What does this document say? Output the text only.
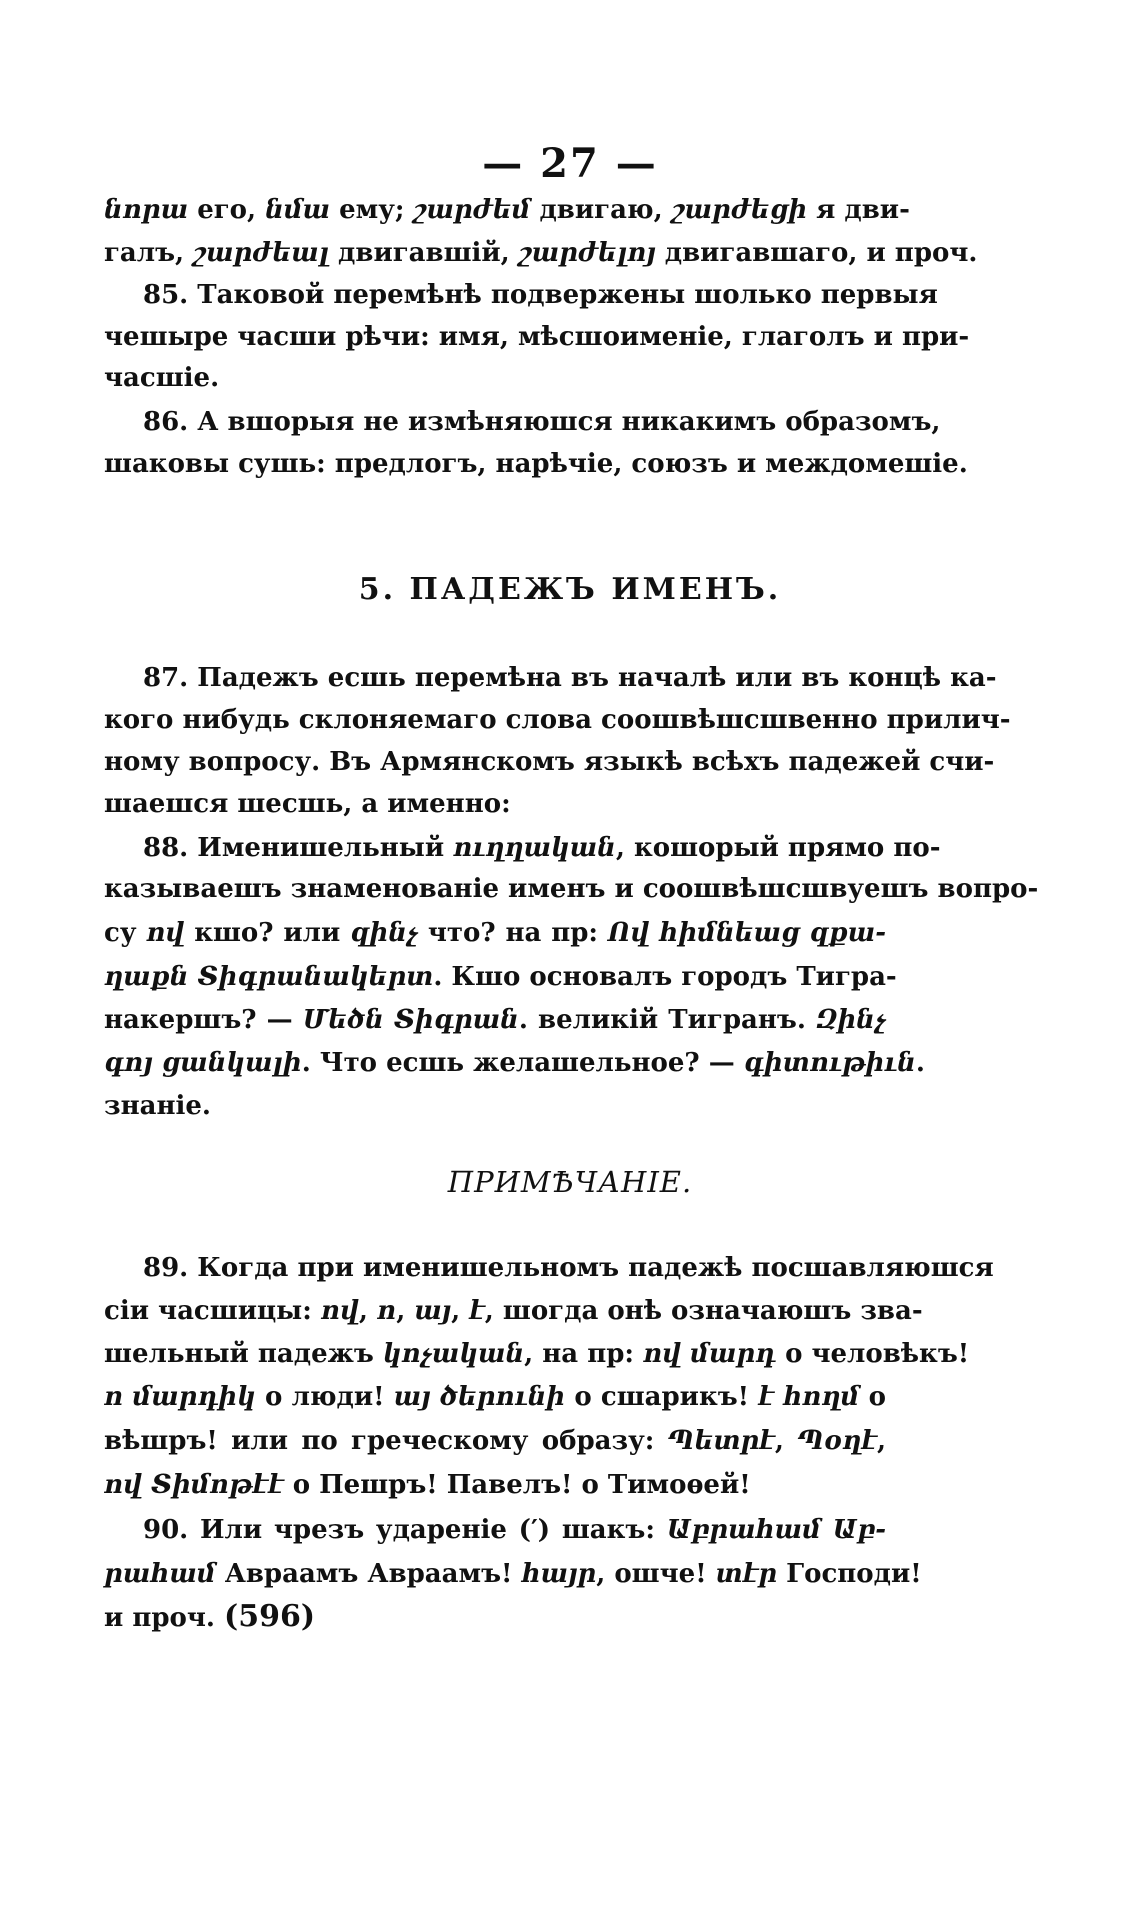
— 27 —
նորա его, նմա ему; շարժեմ двигаю, շարժեցի я дви-
галъ, շարժեալ двигавшій, շարժելոյ двигавшаго, и проч.
85. Таковой перемѣнѣ подвержены шолько первыя
чешыре часши рѣчи: имя, мѣсшоименіе, глаголъ и при-
часшіе.
86. А вшорыя не измѣняюшся никакимъ образомъ,
шаковы сушь: предлогъ, нарѣчіе, союзъ и междомешіе.
5. ПАДЕЖЪ ИМЕНЪ.
87. Падежъ есшь перемѣна въ началѣ или въ концѣ ка-
кого нибудь склоняемаго слова соошвѣшсшвенно прилич-
ному вопросу. Въ Армянскомъ языкѣ всѣхъ падежей счи-
шаешся шесшь, а именно:
88. Именишельный ուղղական, кошорый прямо по-
казываешъ знаменованіе именъ и соошвѣшсшвуешъ вопро-
су ով кшо? или զինչ что? на пр: Ով հիմնեաց զքա-
ղաքն Տիգրանակերտ. Кшо основалъ городъ Тигра-
накершъ? — Մեծն Տիգրան. великій Тигранъ. Զինչ
գոյ ցանկալի. Что есшь желашельное? — գիտութիւն.
знаніе.
ПРИМѢЧАНІЕ.
89. Когда при именишельномъ падежѣ посшавляюшся
сіи часшицы: ով, ո, այ, է, шогда онѣ означаюшъ зва-
шельный падежъ կոչական, на пр: ով մարդ о человѣкъ!
ո մարդիկ о люди! այ ծերունի о сшарикъ! է հողմ о
вѣшръ! или по греческому образу: Պետրէ, Պօղէ,
ով Տիմոթէէ о Пешръ! Павелъ! о Тимоѳей!
90. Или чрезъ удареніе (′) шакъ: Աբրահամ Աբ-
րահամ Авраамъ Авраамъ! հայր, ошче! տէր Господи!
и проч. (596)
